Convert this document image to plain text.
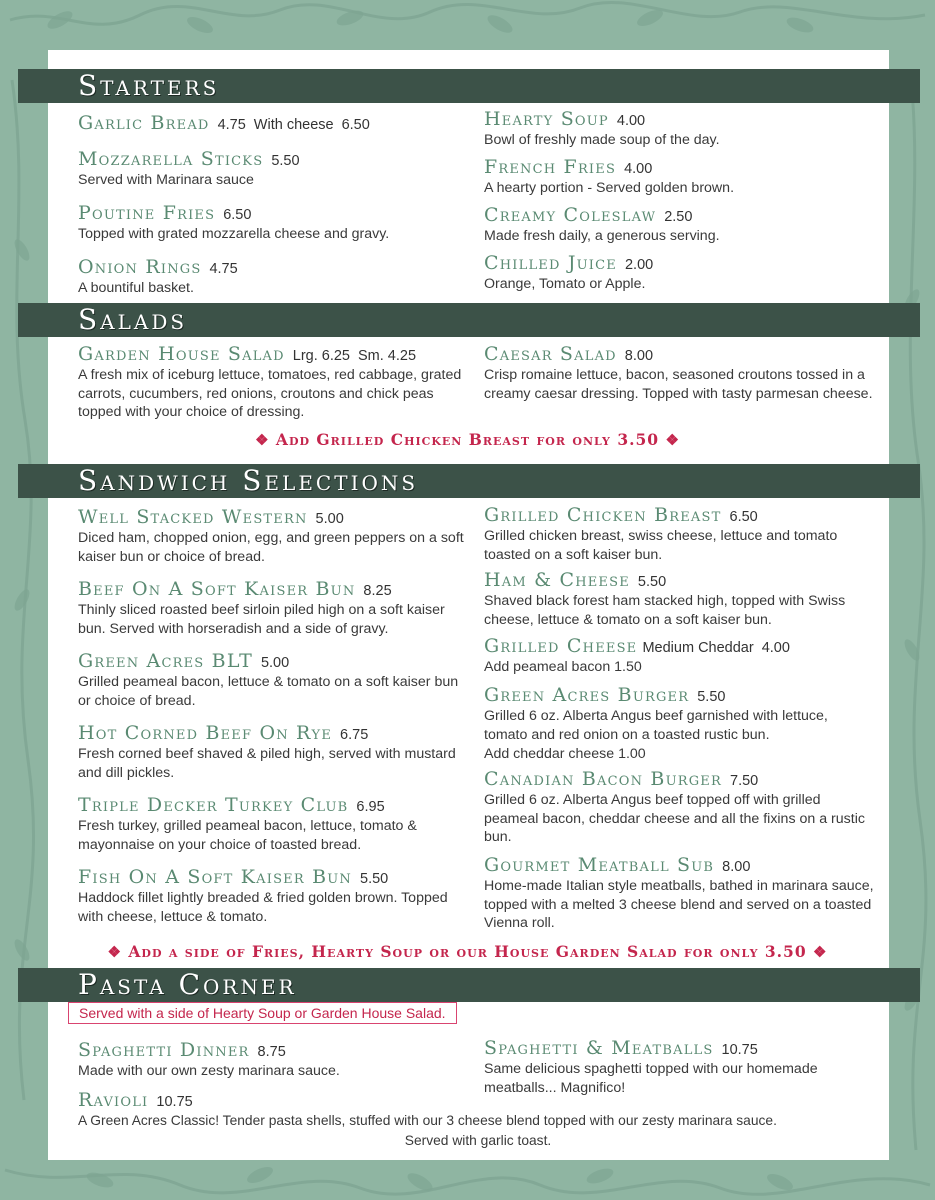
Starters
Garlic Bread 4.75 With cheese 6.50
Mozzarella Sticks 5.50
Served with Marinara sauce
Poutine Fries 6.50
Topped with grated mozzarella cheese and gravy.
Onion Rings 4.75
A bountiful basket.
Hearty Soup 4.00
Bowl of freshly made soup of the day.
French Fries 4.00
A hearty portion - Served golden brown.
Creamy Coleslaw 2.50
Made fresh daily, a generous serving.
Chilled Juice 2.00
Orange, Tomato or Apple.
Salads
Garden House Salad Lrg. 6.25 Sm. 4.25
A fresh mix of iceburg lettuce, tomatoes, red cabbage, grated carrots, cucumbers, red onions, croutons and chick peas topped with your choice of dressing.
Caesar Salad 8.00
Crisp romaine lettuce, bacon, seasoned croutons tossed in a creamy caesar dressing. Topped with tasty parmesan cheese.
❖ Add Grilled Chicken Breast for only 3.50 ❖
Sandwich Selections
Well Stacked Western 5.00
Diced ham, chopped onion, egg, and green peppers on a soft kaiser bun or choice of bread.
Beef On A Soft Kaiser Bun 8.25
Thinly sliced roasted beef sirloin piled high on a soft kaiser bun. Served with horseradish and a side of gravy.
Green Acres BLT 5.00
Grilled peameal bacon, lettuce & tomato on a soft kaiser bun or choice of bread.
Hot Corned Beef On Rye 6.75
Fresh corned beef shaved & piled high, served with mustard and dill pickles.
Triple Decker Turkey Club 6.95
Fresh turkey, grilled peameal bacon, lettuce, tomato & mayonnaise on your choice of toasted bread.
Fish On A Soft Kaiser Bun 5.50
Haddock fillet lightly breaded & fried golden brown. Topped with cheese, lettuce & tomato.
Grilled Chicken Breast 6.50
Grilled chicken breast, swiss cheese, lettuce and tomato toasted on a soft kaiser bun.
Ham & Cheese 5.50
Shaved black forest ham stacked high, topped with Swiss cheese, lettuce & tomato on a soft kaiser bun.
Grilled Cheese Medium Cheddar 4.00
Add peameal bacon 1.50
Green Acres Burger 5.50
Grilled 6 oz. Alberta Angus beef garnished with lettuce, tomato and red onion on a toasted rustic bun.
Add cheddar cheese 1.00
Canadian Bacon Burger 7.50
Grilled 6 oz. Alberta Angus beef topped off with grilled peameal bacon, cheddar cheese and all the fixins on a rustic bun.
Gourmet Meatball Sub 8.00
Home-made Italian style meatballs, bathed in marinara sauce, topped with a melted 3 cheese blend and served on a toasted Vienna roll.
❖ Add a side of Fries, Hearty Soup or our House Garden Salad for only 3.50 ❖
Pasta Corner
Served with a side of Hearty Soup or Garden House Salad.
Spaghetti Dinner 8.75
Made with our own zesty marinara sauce.
Spaghetti & Meatballs 10.75
Same delicious spaghetti topped with our homemade meatballs... Magnifico!
Ravioli 10.75
A Green Acres Classic! Tender pasta shells, stuffed with our 3 cheese blend topped with our zesty marinara sauce.
Served with garlic toast.
